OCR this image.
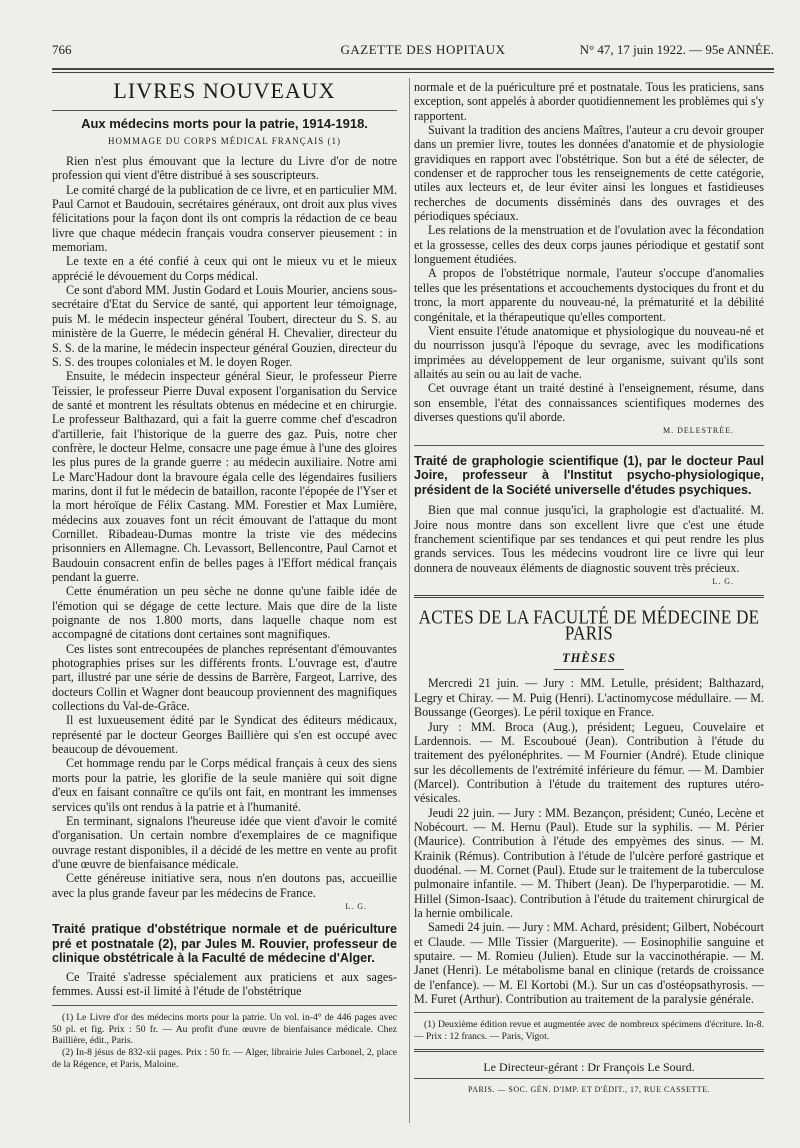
766	GAZETTE DES HOPITAUX	N° 47, 17 juin 1922. — 95e ANNÉE.
LIVRES NOUVEAUX
Aux médecins morts pour la patrie, 1914-1918.
HOMMAGE DU CORPS MÉDICAL FRANÇAIS (1)

Rien n'est plus émouvant que la lecture du Livre d'or de notre profession qui vient d'être distribué à ses souscripteurs.

Le comité chargé de la publication de ce livre, et en particulier MM. Paul Carnot et Baudouin, secrétaires généraux, ont droit aux plus vives félicitations pour la façon dont ils ont compris la rédaction de ce beau livre que chaque médecin français voudra conserver pieusement : in memoriam.

Le texte en a été confié à ceux qui ont le mieux vu et le mieux apprécié le dévouement du Corps médical.

Ce sont d'abord MM. Justin Godard et Louis Mourier, anciens sous-secrétaire d'Etat du Service de santé, qui apportent leur témoignage, puis M. le médecin inspecteur général Toubert, directeur du S. S. au ministère de la Guerre, le médecin général H. Chevalier, directeur du S. S. de la marine, le médecin inspecteur général Gouzien, directeur du S. S. des troupes coloniales et M. le doyen Roger.

Ensuite, le médecin inspecteur général Sieur, le professeur Pierre Teissier, le professeur Pierre Duval exposent l'organisation du Service de santé et montrent les résultats obtenus en médecine et en chirurgie. Le professeur Balthazard, qui a fait la guerre comme chef d'escadron d'artillerie, fait l'historique de la guerre des gaz. Puis, notre cher confrère, le docteur Helme, consacre une page émue à l'une des gloires les plus pures de la grande guerre : au médecin auxiliaire. Notre ami Le Marc'Hadour dont la bravoure égala celle des légendaires fusiliers marins, dont il fut le médecin de bataillon, raconte l'épopée de l'Yser et la mort héroïque de Félix Castang. MM. Forestier et Max Lumière, médecins aux zouaves font un récit émouvant de l'attaque du mont Cornillet. Ribadeau-Dumas montre la triste vie des médecins prisonniers en Allemagne. Ch. Levassort, Bellencontre, Paul Carnot et Baudouin consacrent enfin de belles pages à l'Effort médical français pendant la guerre.

Cette énumération un peu sèche ne donne qu'une faible idée de l'émotion qui se dégage de cette lecture. Mais que dire de la liste poignante de nos 1.800 morts, dans laquelle chaque nom est accompagné de citations dont certaines sont magnifiques.

Ces listes sont entrecoupées de planches représentant d'émouvantes photographies prises sur les différents fronts. L'ouvrage est, d'autre part, illustré par une série de dessins de Barrère, Fargeot, Larrive, des docteurs Collin et Wagner dont beaucoup proviennent des magnifiques collections du Val-de-Grâce.

Il est luxueusement édité par le Syndicat des éditeurs médicaux, représenté par le docteur Georges Baillière qui s'en est occupé avec beaucoup de dévouement.

Cet hommage rendu par le Corps médical français à ceux des siens morts pour la patrie, les glorifie de la seule manière qui soit digne d'eux en faisant connaître ce qu'ils ont fait, en montrant les immenses services qu'ils ont rendus à la patrie et à l'humanité.

En terminant, signalons l'heureuse idée que vient d'avoir le comité d'organisation. Un certain nombre d'exemplaires de ce magnifique ouvrage restant disponibles, il a décidé de les mettre en vente au profit d'une œuvre de bienfaisance médicale.

Cette généreuse initiative sera, nous n'en doutons pas, accueillie avec la plus grande faveur par les médecins de France.

L. G.

Traité pratique d'obstétrique normale et de puériculture pré et postnatale (2), par Jules M. Rouvier, professeur de clinique obstétricale à la Faculté de médecine d'Alger.

Ce Traité s'adresse spécialement aux praticiens et aux sages-femmes. Aussi est-il limité à l'étude de l'obstétrique

(1) Le Livre d'or des médecins morts pour la patrie. Un vol. in-4° de 446 pages avec 50 pl. et fig. Prix : 50 fr. — Au profit d'une œuvre de bienfaisance médicale. Chez Baillière, édit., Paris.

(2) In-8 jésus de 832-xii pages. Prix : 50 fr. — Alger, librairie Jules Carbonel, 2, place de la Régence, et Paris, Maloine.

normale et de la puériculture pré et postnatale. Tous les praticiens, sans exception, sont appelés à aborder quotidiennement les problèmes qui s'y rapportent.

Suivant la tradition des anciens Maîtres, l'auteur a cru devoir grouper dans un premier livre, toutes les données d'anatomie et de physiologie gravidiques en rapport avec l'obstétrique. Son but a été de sélecter, de condenser et de rapprocher tous les renseignements de cette catégorie, utiles aux lecteurs et, de leur éviter ainsi les longues et fastidieuses recherches de documents disséminés dans des ouvrages et des périodiques spéciaux.

Les relations de la menstruation et de l'ovulation avec la fécondation et la grossesse, celles des deux corps jaunes périodique et gestatif sont longuement étudiées.

A propos de l'obstétrique normale, l'auteur s'occupe d'anomalies telles que les présentations et accouchements dystociques du front et du tronc, la mort apparente du nouveau-né, la prématurité et la débilité congénitale, et la thérapeutique qu'elles comportent.

Vient ensuite l'étude anatomique et physiologique du nouveau-né et du nourrisson jusqu'à l'époque du sevrage, avec les modifications imprimées au développement de leur organisme, suivant qu'ils sont allaités au sein ou au lait de vache.

Cet ouvrage étant un traité destiné à l'enseignement, résume, dans son ensemble, l'état des connaissances scientifiques modernes des diverses questions qu'il aborde.

M. DELESTRÉE.

Traité de graphologie scientifique (1), par le docteur Paul Joire, professeur à l'Institut psycho-physiologique, président de la Société universelle d'études psychiques.

Bien que mal connue jusqu'ici, la graphologie est d'actualité. M. Joire nous montre dans son excellent livre que c'est une étude franchement scientifique par ses tendances et qui peut rendre les plus grands services. Tous les médecins voudront lire ce livre qui leur donnera de nouveaux éléments de diagnostic souvent très précieux.

L. G.
ACTES DE LA FACULTÉ DE MÉDECINE DE PARIS
THÈSES

Mercredi 21 juin. — Jury : MM. Letulle, président; Balthazard, Legry et Chiray. — M. Puig (Henri). L'actinomycose médullaire. — M. Boussange (Georges). Le péril toxique en France.

Jury : MM. Broca (Aug.), président; Legueu, Couvelaire et Lardennois. — M. Escouboué (Jean). Contribution à l'étude du traitement des pyélonéphrites. — M Fournier (André). Etude clinique sur les décollements de l'extrémité inférieure du fémur. — M. Dambier (Marcel). Contribution à l'étude du traitement des ruptures utéro-vésicales.

Jeudi 22 juin. — Jury : MM. Bezançon, président; Cunéo, Lecène et Nobécourt. — M. Hernu (Paul). Etude sur la syphilis. — M. Périer (Maurice). Contribution à l'étude des empyèmes des sinus. — M. Krainik (Rémus). Contribution à l'étude de l'ulcère perforé gastrique et duodénal. — M. Cornet (Paul). Etude sur le traitement de la tuberculose pulmonaire infantile. — M. Thibert (Jean). De l'hyperparotidie. — M. Hillel (Simon-Isaac). Contribution à l'étude du traitement chirurgical de la hernie ombilicale.

Samedi 24 juin. — Jury : MM. Achard, président; Gilbert, Nobécourt et Claude. — Mlle Tissier (Marguerite). — Eosinophilie sanguine et sputaire. — M. Romieu (Julien). Etude sur la vaccinothérapie. — M. Janet (Henri). Le métabolisme banal en clinique (retards de croissance de l'enfance). — M. El Kortobi (M.). Sur un cas d'ostéopsathyrosis. — M. Furet (Arthur). Contribution au traitement de la paralysie générale.

(1) Deuxième édition revue et augmentée avec de nombreux spécimens d'écriture. In-8. — Prix : 12 francs. — Paris, Vigot.

Le Directeur-gérant : Dr François Le Sourd.
PARIS. — SOC. GÉN. D'IMP. ET D'ÉDIT., 17, RUE CASSETTE.
